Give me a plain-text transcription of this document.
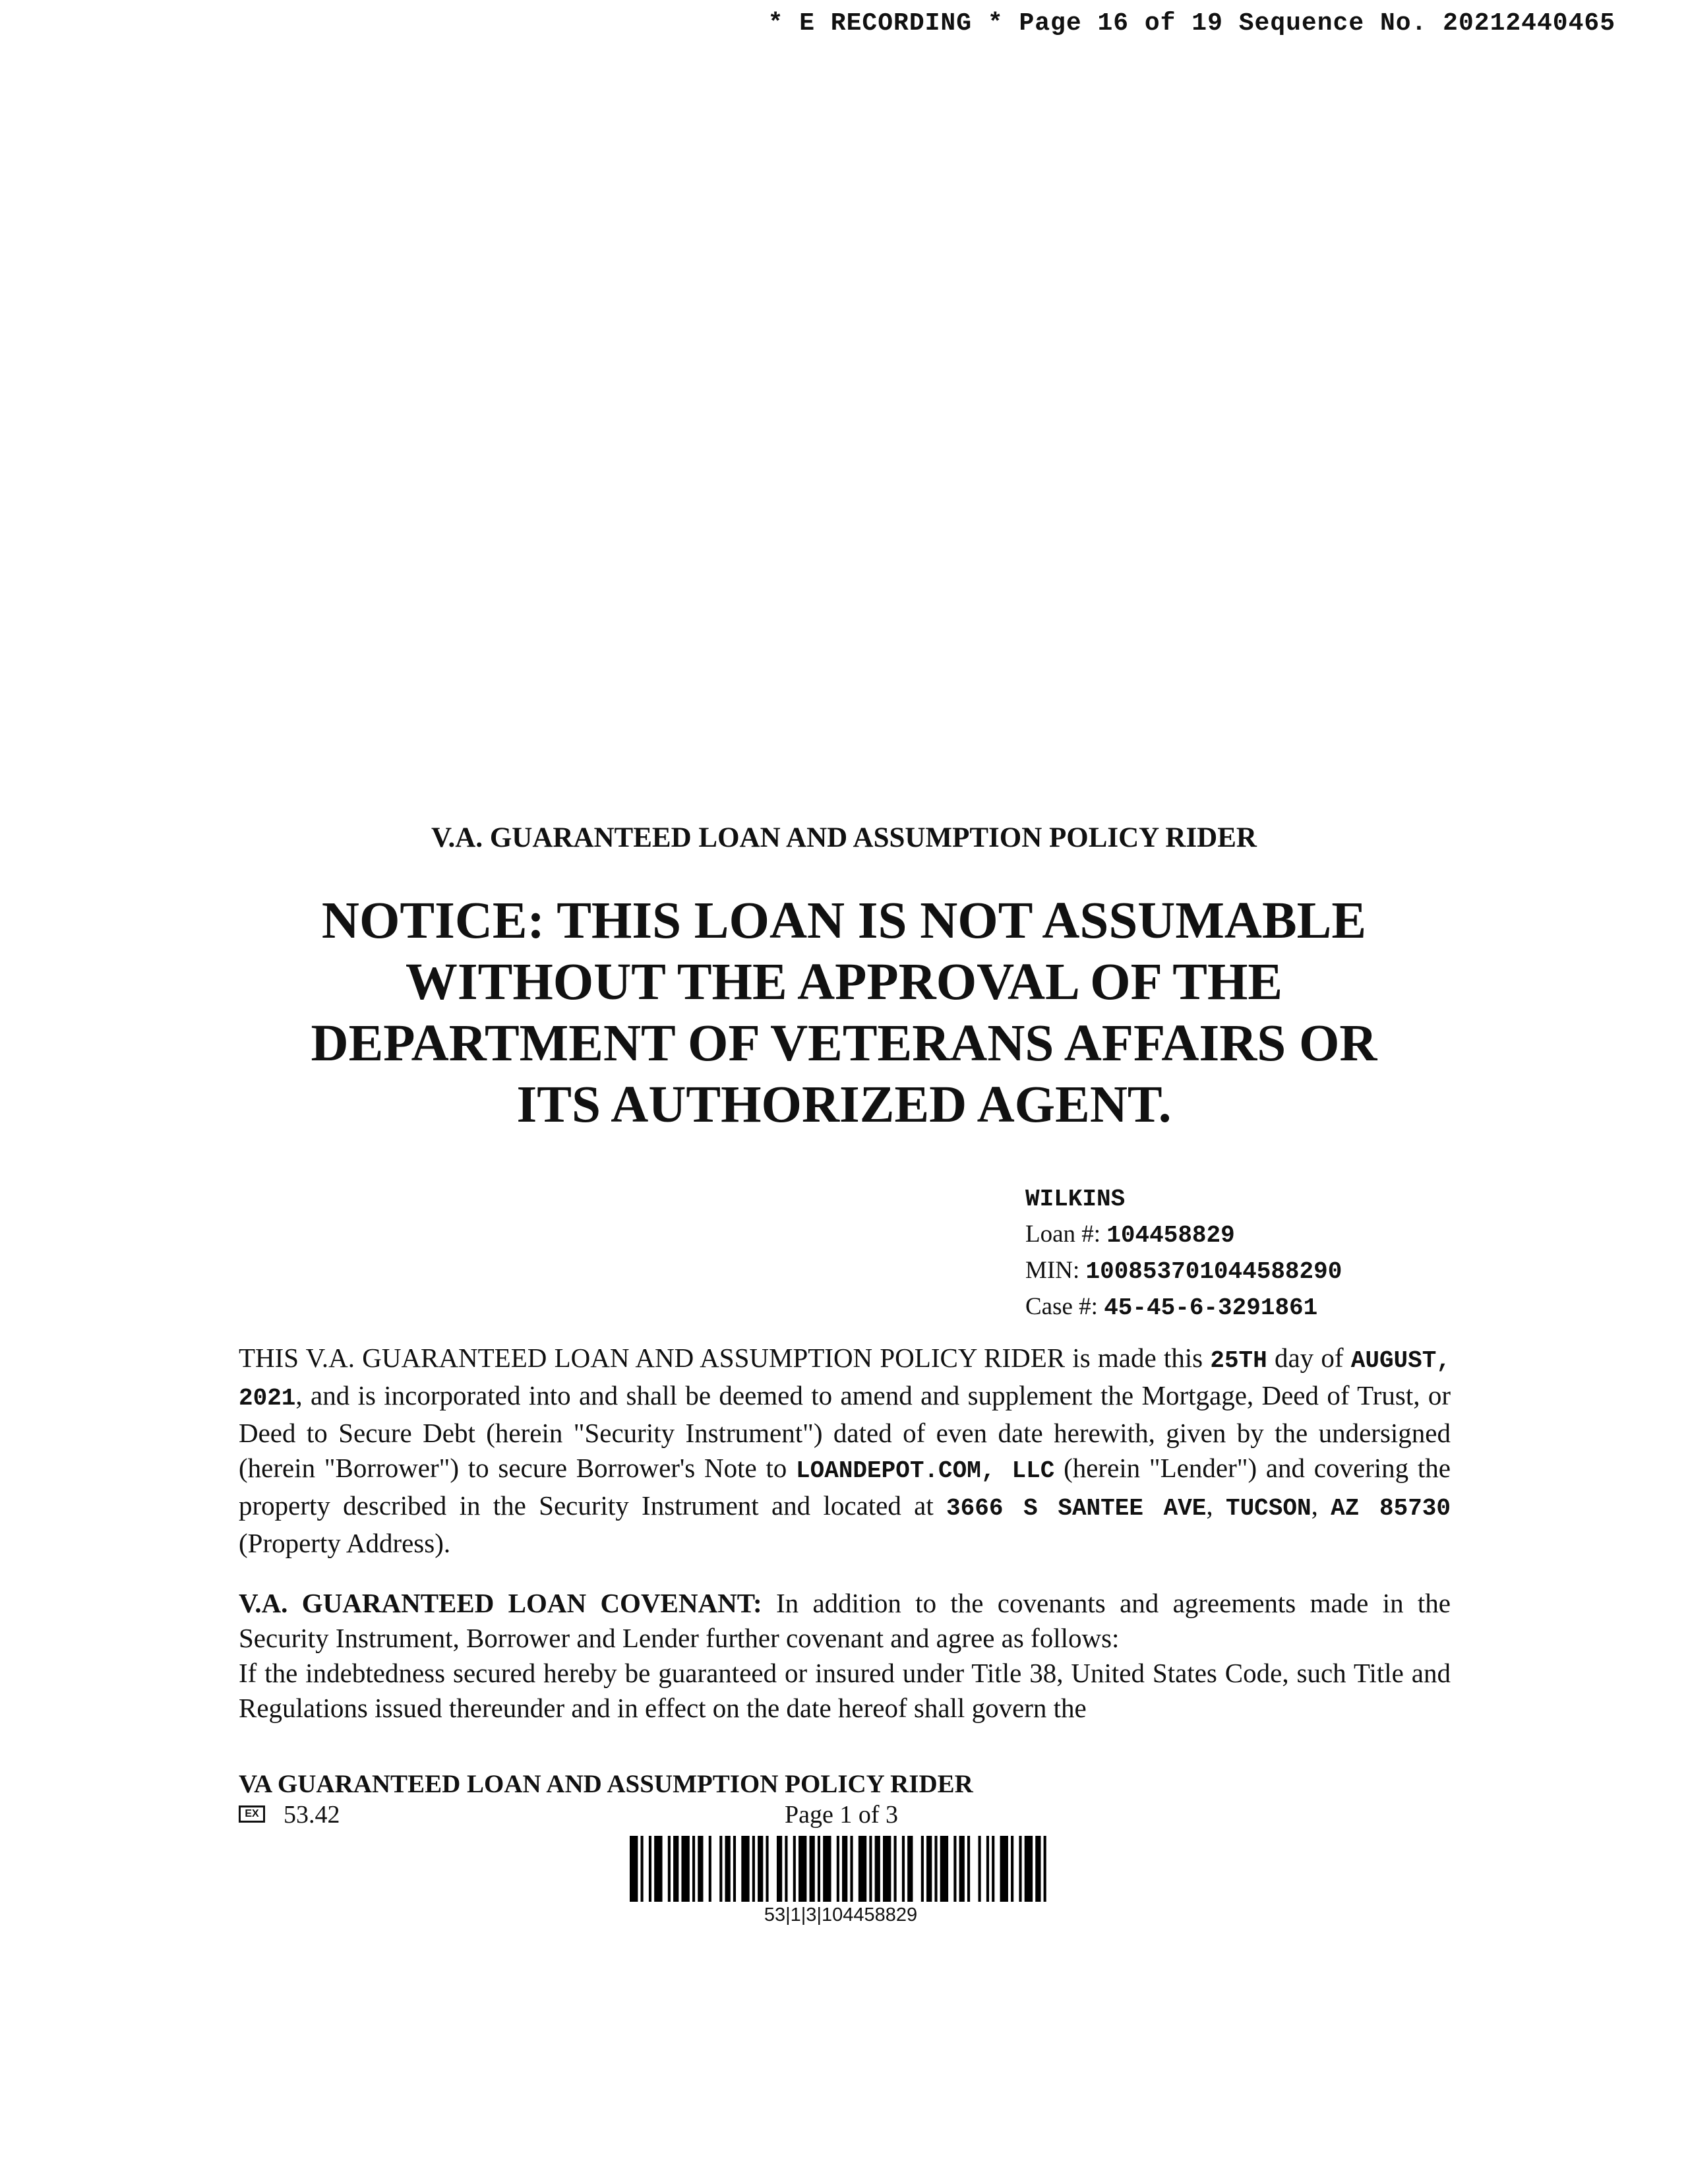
* E RECORDING * Page 16 of 19 Sequence No. 20212440465
V.A. GUARANTEED LOAN AND ASSUMPTION POLICY RIDER
NOTICE: THIS LOAN IS NOT ASSUMABLE
WITHOUT THE APPROVAL OF THE
DEPARTMENT OF VETERANS AFFAIRS OR
ITS AUTHORIZED AGENT.
WILKINS
Loan #: 104458829
MIN: 100853701044588290
Case #: 45-45-6-3291861
THIS V.A. GUARANTEED LOAN AND ASSUMPTION POLICY RIDER is made this 25TH day of AUGUST, 2021, and is incorporated into and shall be deemed to amend and supplement the Mortgage, Deed of Trust, or Deed to Secure Debt (herein "Security Instrument") dated of even date herewith, given by the undersigned (herein "Borrower") to secure Borrower's Note to LOANDEPOT.COM, LLC (herein "Lender") and covering the property described in the Security Instrument and located at 3666 S SANTEE AVE, TUCSON, AZ 85730 (Property Address).
V.A. GUARANTEED LOAN COVENANT: In addition to the covenants and agreements made in the Security Instrument, Borrower and Lender further covenant and agree as follows:
If the indebtedness secured hereby be guaranteed or insured under Title 38, United States Code, such Title and Regulations issued thereunder and in effect on the date hereof shall govern the
VA GUARANTEED LOAN AND ASSUMPTION POLICY RIDER
EX 53.42	Page 1 of 3
53|1|3|104458829
